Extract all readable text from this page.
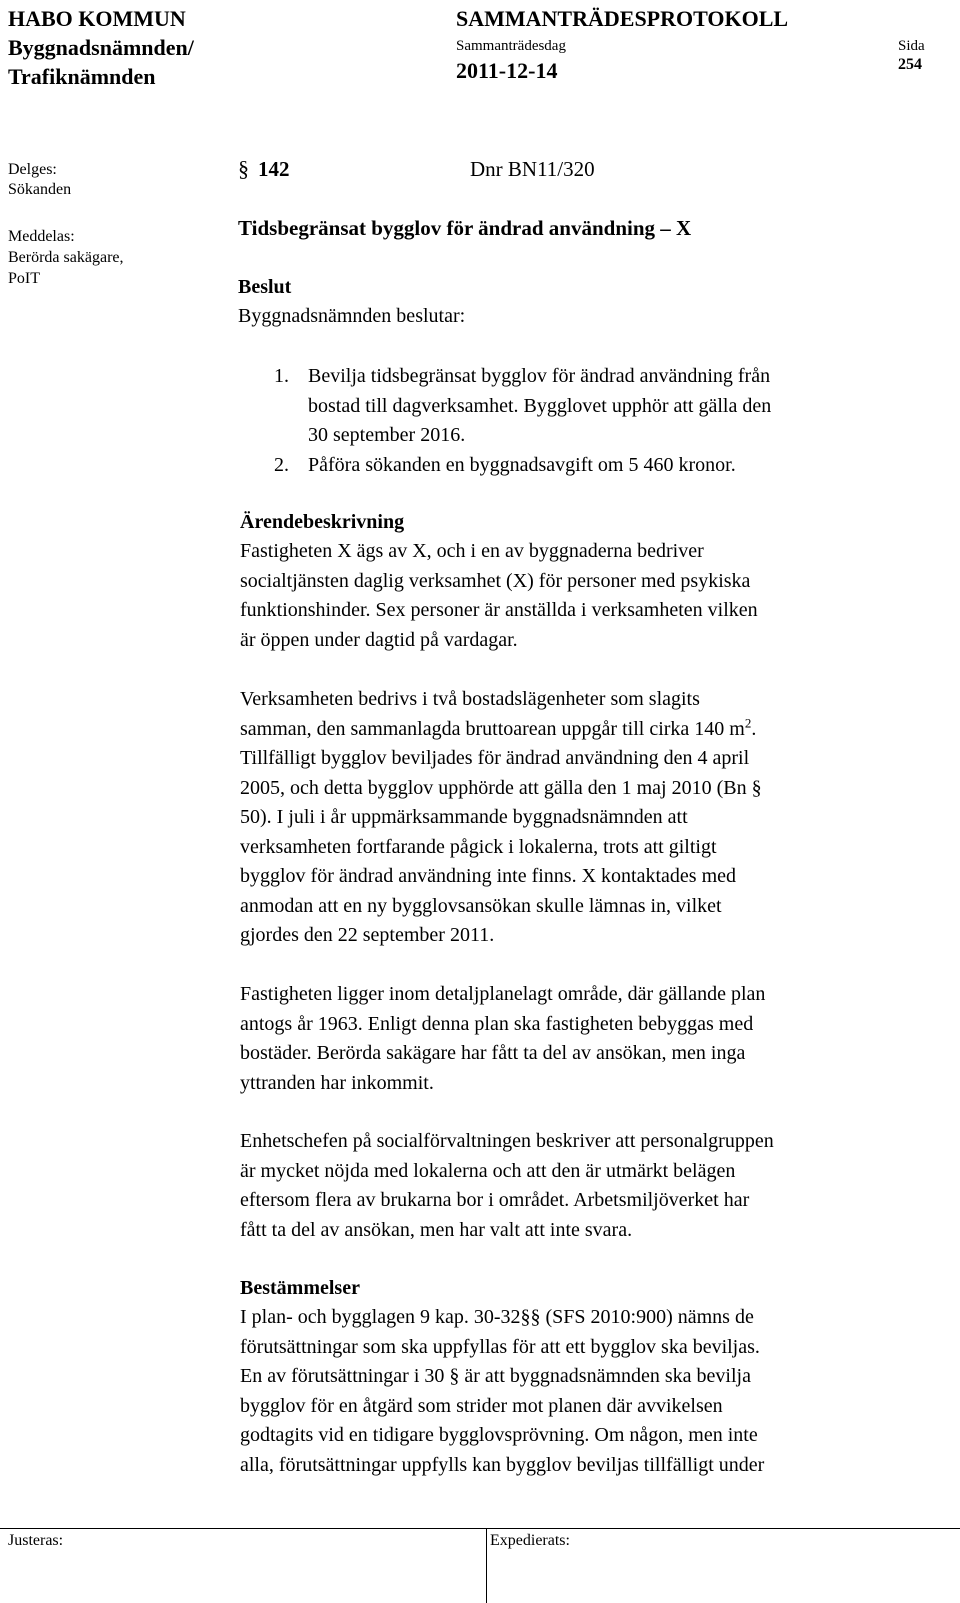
HABO KOMMUN
Byggnadsnämnden/
Trafiknämnden
SAMMANTRÄDESPROTOKOLL
Sammanträdesdag
2011-12-14
Sida
254
Delges:
Sökanden
Meddelas:
Berörda sakägare,
PoIT
§ 142	Dnr BN11/320
Tidsbegränsat bygglov för ändrad användning – X
Beslut
Byggnadsnämnden beslutar:
1. Bevilja tidsbegränsat bygglov för ändrad användning från
bostad till dagverksamhet. Bygglovet upphör att gälla den
30 september 2016.
2. Påföra sökanden en byggnadsavgift om 5 460 kronor.
Ärendebeskrivning
Fastigheten X ägs av X, och i en av byggnaderna bedriver
socialtjänsten daglig verksamhet (X) för personer med psykiska
funktionshinder. Sex personer är anställda i verksamheten vilken
är öppen under dagtid på vardagar.
Verksamheten bedrivs i två bostadslägenheter som slagits
samman, den sammanlagda bruttoarean uppgår till cirka 140 $m^2$.
Tillfälligt bygglov beviljades för ändrad användning den 4 april
2005, och detta bygglov upphörde att gälla den 1 maj 2010 (Bn §
50). I juli i år uppmärksammande byggnadsnämnden att
verksamheten fortfarande pågick i lokalerna, trots att giltigt
bygglov för ändrad användning inte finns. X kontaktades med
anmodan att en ny bygglovsansökan skulle lämnas in, vilket
gjordes den 22 september 2011.
Fastigheten ligger inom detaljplanelagt område, där gällande plan
antogs år 1963. Enligt denna plan ska fastigheten bebyggas med
bostäder. Berörda sakägare har fått ta del av ansökan, men inga
yttranden har inkommit.
Enhetschefen på socialförvaltningen beskriver att personalgruppen
är mycket nöjda med lokalerna och att den är utmärkt belägen
eftersom flera av brukarna bor i området. Arbetsmiljöverket har
fått ta del av ansökan, men har valt att inte svara.
Bestämmelser
I plan- och bygglagen 9 kap. 30-32§§ (SFS 2010:900) nämns de
förutsättningar som ska uppfyllas för att ett bygglov ska beviljas.
En av förutsättningar i 30 § är att byggnadsnämnden ska bevilja
bygglov för en åtgärd som strider mot planen där avvikelsen
godtagits vid en tidigare bygglovsprövning. Om någon, men inte
alla, förutsättningar uppfylls kan bygglov beviljas tillfälligt under
Justeras:	Expedierats:
